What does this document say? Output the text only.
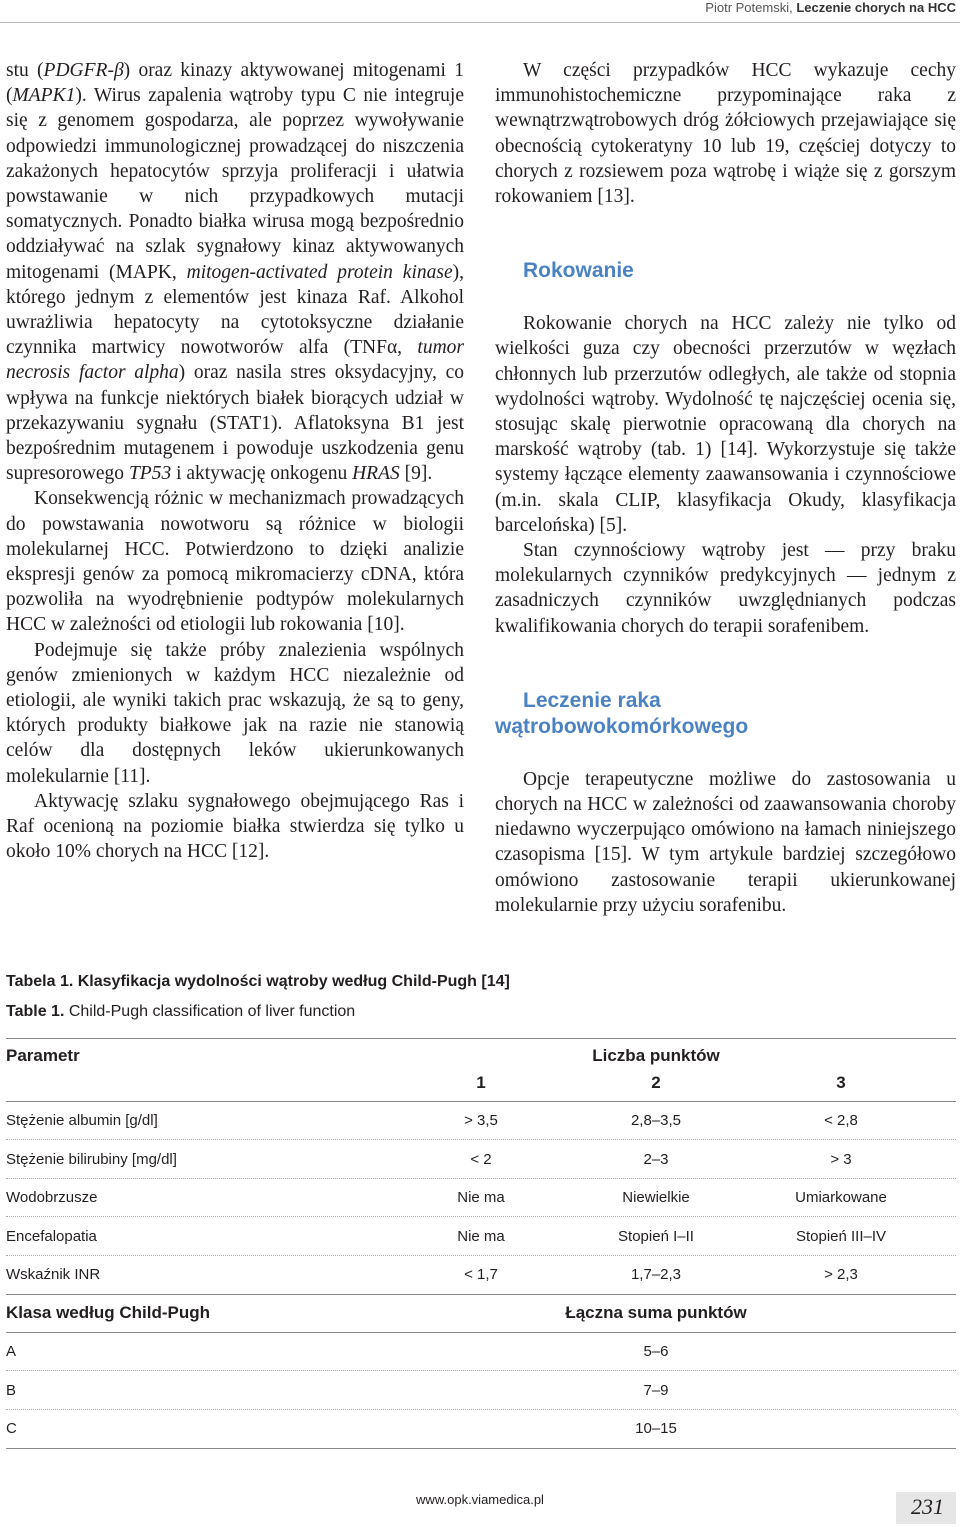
Piotr Potemski, Leczenie chorych na HCC

stu (PDGFR-β) oraz kinazy aktywowanej mitogenami 1 (MAPK1). Wirus zapalenia wątroby typu C nie integruje się z genomem gospodarza, ale poprzez wywoływanie odpowiedzi immunologicznej prowadzącej do niszczenia zakażonych hepatocytów sprzyja proliferacji i ułatwia powstawanie w nich przypadkowych mutacji somatycznych. Ponadto białka wirusa mogą bezpośrednio oddziaływać na szlak sygnałowy kinaz aktywowanych mitogenami (MAPK, mitogen-activated protein kinase), którego jednym z elementów jest kinaza Raf. Alkohol uwrażliwia hepatocyty na cytotoksyczne działanie czynnika martwicy nowotworów alfa (TNFα, tumor necrosis factor alpha) oraz nasila stres oksydacyjny, co wpływa na funkcje niektórych białek biorących udział w przekazywaniu sygnału (STAT1). Aflatoksyna B1 jest bezpośrednim mutagenem i powoduje uszkodzenia genu supresorowego TP53 i aktywację onkogenu HRAS [9].

Konsekwencją różnic w mechanizmach prowadzących do powstawania nowotworu są różnice w biologii molekularnej HCC. Potwierdzono to dzięki analizie ekspresji genów za pomocą mikromacierzy cDNA, która pozwoliła na wyodrębnienie podtypów molekularnych HCC w zależności od etiologii lub rokowania [10].

Podejmuje się także próby znalezienia wspólnych genów zmienionych w każdym HCC niezależnie od etiologii, ale wyniki takich prac wskazują, że są to geny, których produkty białkowe jak na razie nie stanowią celów dla dostępnych leków ukierunkowanych molekularnie [11].

Aktywację szlaku sygnałowego obejmującego Ras i Raf ocenioną na poziomie białka stwierdza się tylko u około 10% chorych na HCC [12].

W części przypadków HCC wykazuje cechy immunohistochemiczne przypominające raka z wewnątrzwątrobowych dróg żółciowych przejawiające się obecnością cytokeratyny 10 lub 19, częściej dotyczy to chorych z rozsiewem poza wątrobę i wiąże się z gorszym rokowaniem [13].

Rokowanie

Rokowanie chorych na HCC zależy nie tylko od wielkości guza czy obecności przerzutów w węzłach chłonnych lub przerzutów odległych, ale także od stopnia wydolności wątroby. Wydolność tę najczęściej ocenia się, stosując skalę pierwotnie opracowaną dla chorych na marskość wątroby (tab. 1) [14]. Wykorzystuje się także systemy łączące elementy zaawansowania i czynnościowe (m.in. skala CLIP, klasyfikacja Okudy, klasyfikacja barcelońska) [5].

Stan czynnościowy wątroby jest — przy braku molekularnych czynników predykcyjnych — jednym z zasadniczych czynników uwzględnianych podczas kwalifikowania chorych do terapii sorafenibem.

Leczenie raka
wątrobowokomórkowego

Opcje terapeutyczne możliwe do zastosowania u chorych na HCC w zależności od zaawansowania choroby niedawno wyczerpująco omówiono na łamach niniejszego czasopisma [15]. W tym artykule bardziej szczegółowo omówiono zastosowanie terapii ukierunkowanej molekularnie przy użyciu sorafenibu.

Tabela 1. Klasyfikacja wydolności wątroby według Child-Pugh [14]
Table 1. Child-Pugh classification of liver function
Parametr	Liczba punktów
1	2	3
Stężenie albumin [g/dl]	> 3,5	2,8–3,5	< 2,8
Stężenie bilirubiny [mg/dl]	< 2	2–3	> 3
Wodobrzusze	Nie ma	Niewielkie	Umiarkowane
Encefalopatia	Nie ma	Stopień I–II	Stopień III–IV
Wskaźnik INR	< 1,7	1,7–2,3	> 2,3
Klasa według Child-Pugh	Łączna suma punktów
A	5–6
B	7–9
C	10–15
www.opk.viamedica.pl	231
